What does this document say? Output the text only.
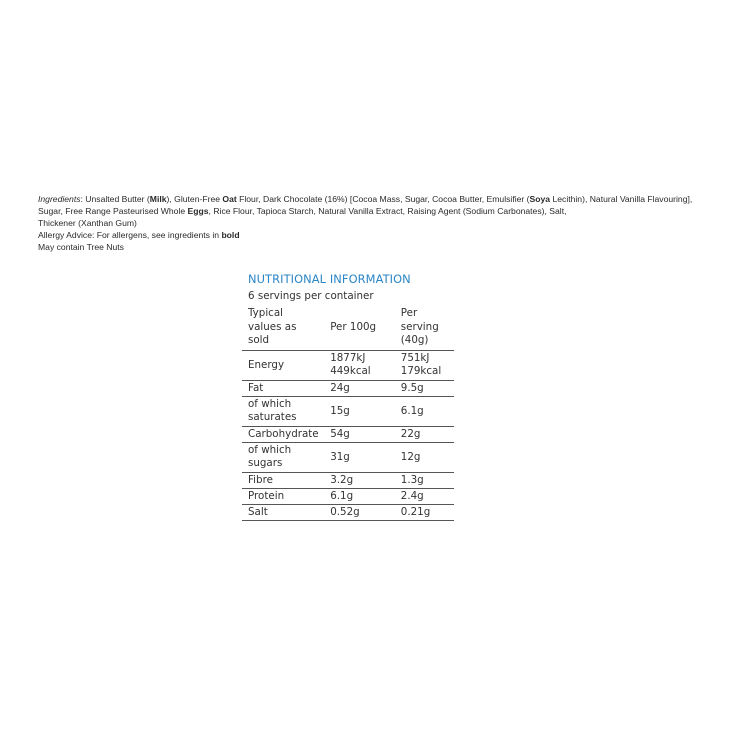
Ingredients: Unsalted Butter (Milk), Gluten-Free Oat Flour, Dark Chocolate (16%) [Cocoa Mass, Sugar, Cocoa Butter, Emulsifier (Soya Lecithin), Natural Vanilla Flavouring], Sugar, Free Range Pasteurised Whole Eggs, Rice Flour, Tapioca Starch, Natural Vanilla Extract, Raising Agent (Sodium Carbonates), Salt,

Thickener (Xanthan Gum)

Allergy Advice: For allergens, see ingredients in bold

May contain Tree Nuts

NUTRITIONAL INFORMATION
6 servings per container
Typical
values as
sold	Per 100g	Per
serving
(40g)

Energy	1877kJ
449kcal	751kJ
179kcal

Fat	24g	9.5g

of which
saturates	15g	6.1g

Carbohydrate	54g	22g

of which
sugars	31g	12g

Fibre	3.2g	1.3g

Protein	6.1g	2.4g

Salt	0.52g	0.21g
